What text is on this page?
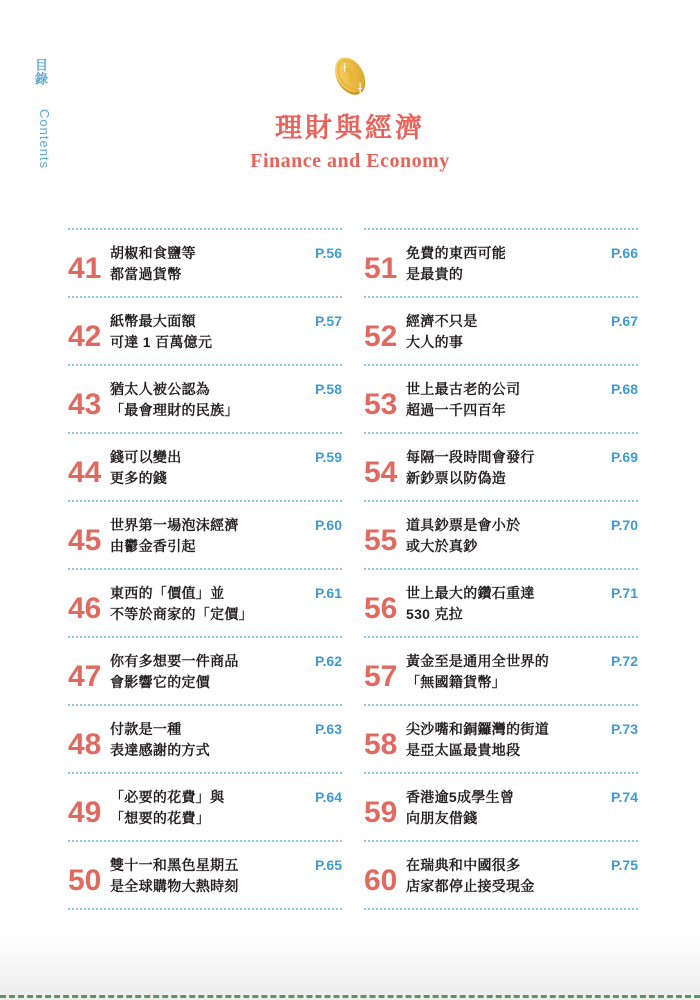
目錄 Contents	理財與經濟
Finance and Economy
41 胡椒和食鹽等
都當過貨幣
P.56
42 紙幣最大面額
可達 1 百萬億元
P.57
43 猶太人被公認為
「最會理財的民族」
P.58
44 錢可以變出
更多的錢
P.59
45 世界第一場泡沫經濟
由鬱金香引起
P.60
46 東西的「價值」並
不等於商家的「定價」
P.61
47 你有多想要一件商品
會影響它的定價
P.62
48 付款是一種
表達感謝的方式
P.63
49 「必要的花費」與
「想要的花費」
P.64
50 雙十一和黑色星期五
是全球購物大熱時刻
P.65
51 免費的東西可能
是最貴的
P.66
52 經濟不只是
大人的事
P.67
53 世上最古老的公司
超過一千四百年
P.68
54 每隔一段時間會發行
新鈔票以防偽造
P.69
55 道具鈔票是會小於
或大於真鈔
P.70
56 世上最大的鑽石重達
530 克拉
P.71
57 黃金至是通用全世界的
「無國籍貨幣」
P.72
58 尖沙嘴和銅鑼灣的街道
是亞太區最貴地段
P.73
59 香港逾5成學生曾
向朋友借錢
P.74
60 在瑞典和中國很多
店家都停止接受現金
P.75
